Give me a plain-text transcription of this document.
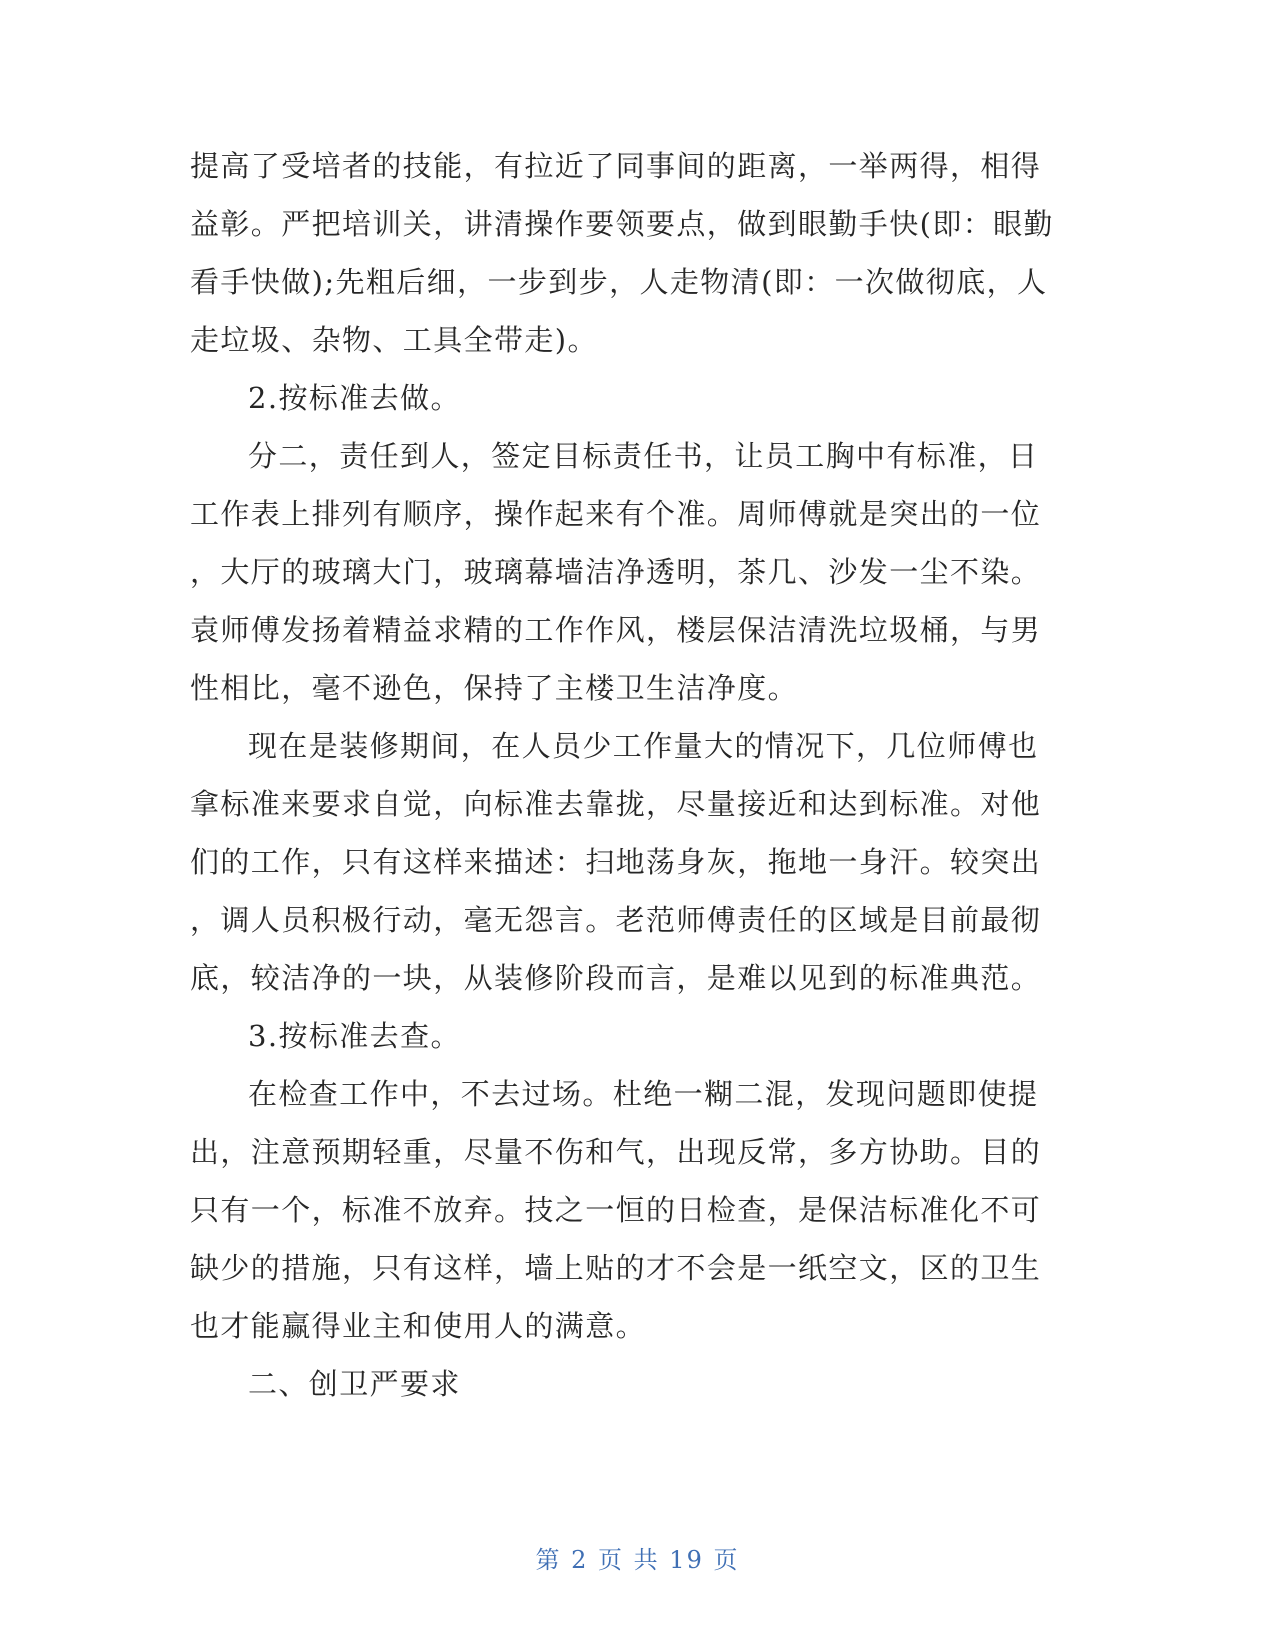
提高了受培者的技能，有拉近了同事间的距离，一举两得，相得
益彰。严把培训关，讲清操作要领要点，做到眼勤手快(即：眼勤
看手快做);先粗后细，一步到步，人走物清(即：一次做彻底，人
走垃圾、杂物、工具全带走)。
2.按标准去做。
分二，责任到人，签定目标责任书，让员工胸中有标准，日
工作表上排列有顺序，操作起来有个准。周师傅就是突出的一位
，大厅的玻璃大门，玻璃幕墙洁净透明，茶几、沙发一尘不染。
袁师傅发扬着精益求精的工作作风，楼层保洁清洗垃圾桶，与男
性相比，毫不逊色，保持了主楼卫生洁净度。
现在是装修期间，在人员少工作量大的情况下，几位师傅也
拿标准来要求自觉，向标准去靠拢，尽量接近和达到标准。对他
们的工作，只有这样来描述：扫地荡身灰，拖地一身汗。较突出
，调人员积极行动，毫无怨言。老范师傅责任的区域是目前最彻
底，较洁净的一块，从装修阶段而言，是难以见到的标准典范。
3.按标准去查。
在检查工作中，不去过场。杜绝一糊二混，发现问题即使提
出，注意预期轻重，尽量不伤和气，出现反常，多方协助。目的
只有一个，标准不放弃。技之一恒的日检查，是保洁标准化不可
缺少的措施，只有这样，墙上贴的才不会是一纸空文，区的卫生
也才能赢得业主和使用人的满意。
二、创卫严要求
第 2 页 共 19 页
